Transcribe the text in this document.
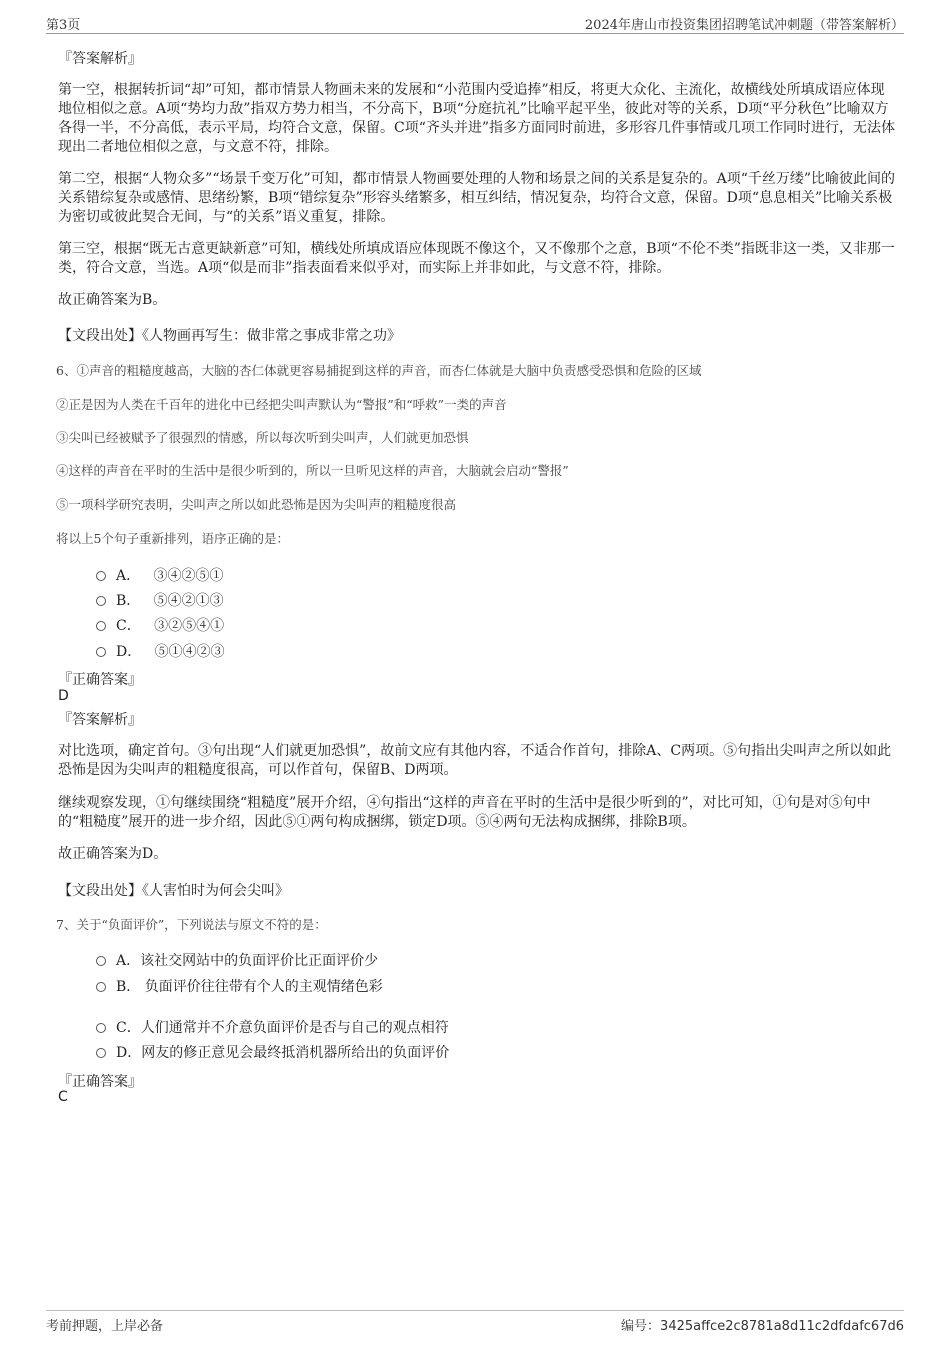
第3页	2024年唐山市投资集团招聘笔试冲刺题（带答案解析）
『答案解析』
第一空，根据转折词“却”可知，都市情景人物画未来的发展和“小范围内受追捧”相反，将更大众化、主流化，故横线处所填成语应体现地位相似之意。A项“势均力敌”指双方势力相当，不分高下，B项“分庭抗礼”比喻平起平坐，彼此对等的关系，D项“平分秋色”比喻双方各得一半，不分高低，表示平局，均符合文意，保留。C项“齐头并进”指多方面同时前进，多形容几件事情或几项工作同时进行，无法体现出二者地位相似之意，与文意不符，排除。
第二空，根据“人物众多”“场景千变万化”可知，都市情景人物画要处理的人物和场景之间的关系是复杂的。A项“千丝万缕”比喻彼此间的关系错综复杂或感情、思绪纷繁，B项“错综复杂”形容头绪繁多，相互纠结，情况复杂，均符合文意，保留。D项“息息相关”比喻关系极为密切或彼此契合无间，与“的关系”语义重复，排除。
第三空，根据“既无古意更缺新意”可知，横线处所填成语应体现既不像这个，又不像那个之意，B项“不伦不类”指既非这一类，又非那一类，符合文意，当选。A项“似是而非”指表面看来似乎对，而实际上并非如此，与文意不符，排除。
故正确答案为B。
【文段出处】《人物画再写生：做非常之事成非常之功》
6、①声音的粗糙度越高，大脑的杏仁体就更容易捕捉到这样的声音，而杏仁体就是大脑中负责感受恐惧和危险的区域
②正是因为人类在千百年的进化中已经把尖叫声默认为“警报”和“呼救”一类的声音
③尖叫已经被赋予了很强烈的情感，所以每次听到尖叫声，人们就更加恐惧
④这样的声音在平时的生活中是很少听到的，所以一旦听见这样的声音，大脑就会启动“警报”
⑤一项科学研究表明，尖叫声之所以如此恐怖是因为尖叫声的粗糙度很高
将以上5个句子重新排列，语序正确的是：
A． ③④②⑤①
B． ⑤④②①③
C． ③②⑤④①
D． ⑤①④②③
『正确答案』
D
『答案解析』
对比选项，确定首句。③句出现“人们就更加恐惧”，故前文应有其他内容，不适合作首句，排除A、C两项。⑤句指出尖叫声之所以如此恐怖是因为尖叫声的粗糙度很高，可以作首句，保留B、D两项。
继续观察发现，①句继续围绕“粗糙度”展开介绍，④句指出“这样的声音在平时的生活中是很少听到的”，对比可知，①句是对⑤句中的“粗糙度”展开的进一步介绍，因此⑤①两句构成捆绑，锁定D项。⑤④两句无法构成捆绑，排除B项。
故正确答案为D。
【文段出处】《人害怕时为何会尖叫》
7、关于“负面评价”，下列说法与原文不符的是：
A．该社交网站中的负面评价比正面评价少
B． 负面评价往往带有个人的主观情绪色彩
C．人们通常并不介意负面评价是否与自己的观点相符
D．网友的修正意见会最终抵消机器所给出的负面评价
『正确答案』
C
考前押题，上岸必备	编号：3425affce2c8781a8d11c2dfdafc67d6
